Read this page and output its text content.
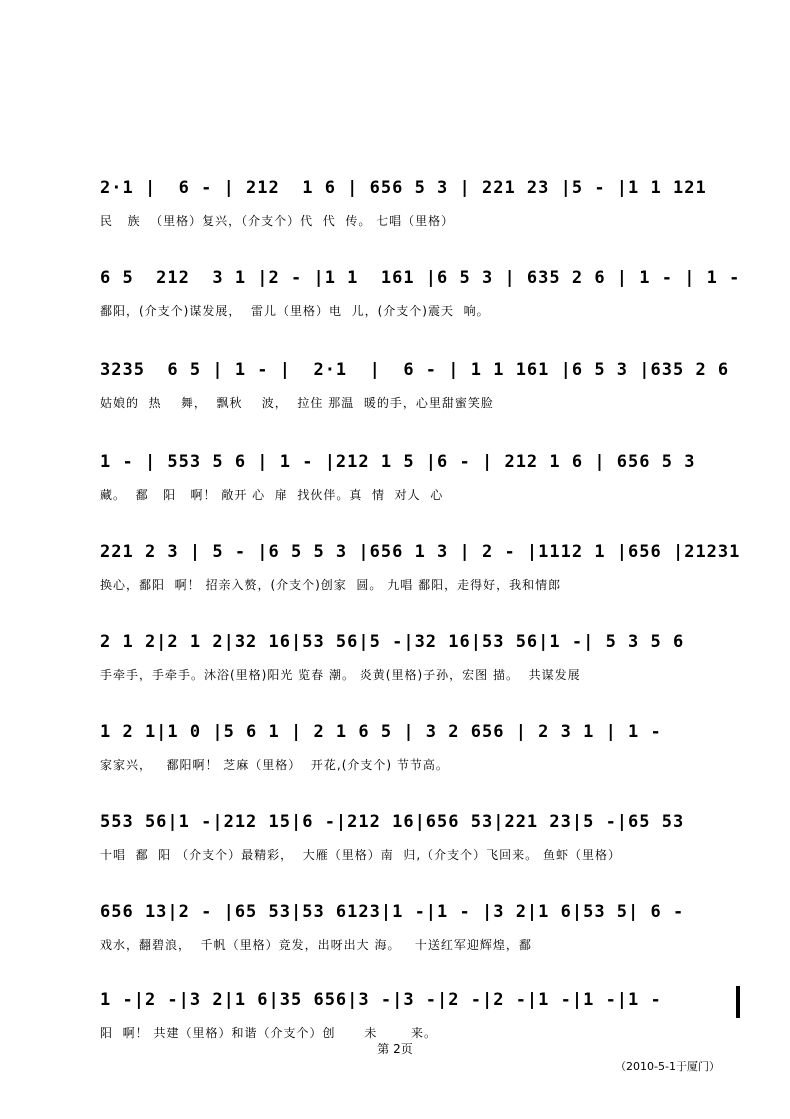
2·1 |  6 - | 212  1 6 | 656 5 3 | 221 23 |5 - |1 1 121
民   族  （里格）复兴，（介支个）代  代  传。 七唱（里格）
6 5  212  3 1 |2 - |1 1  161 |6 5 3 | 635 2 6 | 1 - | 1 -
鄱阳，(介支个)谋发展，  雷儿（里格）电  儿，(介支个)震天  响。
3235  6 5 | 1 - |  2·1  |  6 - | 1 1 161 |6 5 3 |635 2 6
姑娘的  热    舞，  飘秋    波，  拉住 那温  暖的手，心里甜蜜笑脸
1 - | 553 5 6 | 1 - |212 1 5 |6 - | 212 1 6 | 656 5 3
藏。  鄱   阳   啊！ 敞开 心  扉  找伙伴。真  情  对人  心
221 2 3 | 5 - |6 5 5 3 |656 1 3 | 2 - |1112 1 |656 |21231
换心，鄱阳  啊！ 招亲入赘，(介支个)创家  圆。 九唱 鄱阳，走得好，我和情郎
2 1 2|2 1 2|32 16|53 56|5 -|32 16|53 56|1 -| 5 3 5 6
手牵手，手牵手。沐浴(里格)阳光 览春 潮。 炎黄(里格)子孙，宏图 描。  共谋发展
1 2 1|1 0 |5 6 1 | 2 1 6 5 | 3 2 656 | 2 3 1 | 1 -
家家兴，   鄱阳啊！ 芝麻（里格）  开花,(介支个) 节节高。
553 56|1 -|212 15|6 -|212 16|656 53|221 23|5 -|65 53
十唱  鄱  阳 （介支个）最精彩，  大雁（里格）南  归,（介支个）飞回来。 鱼虾（里格）
656 13|2 - |65 53|53 6123|1 -|1 - |3 2|1 6|53 5| 6 -
戏水，翻碧浪，  千帆（里格）竞发，出呀出大 海。   十送红军迎辉煌，鄱
1 -|2 -|3 2|1 6|35 656|3 -|3 -|2 -|2 -|1 -|1 -|1 -
阳  啊！ 共建（里格）和谐（介支个）创      未       来。
第 2页
（2010-5-1于厦门）
